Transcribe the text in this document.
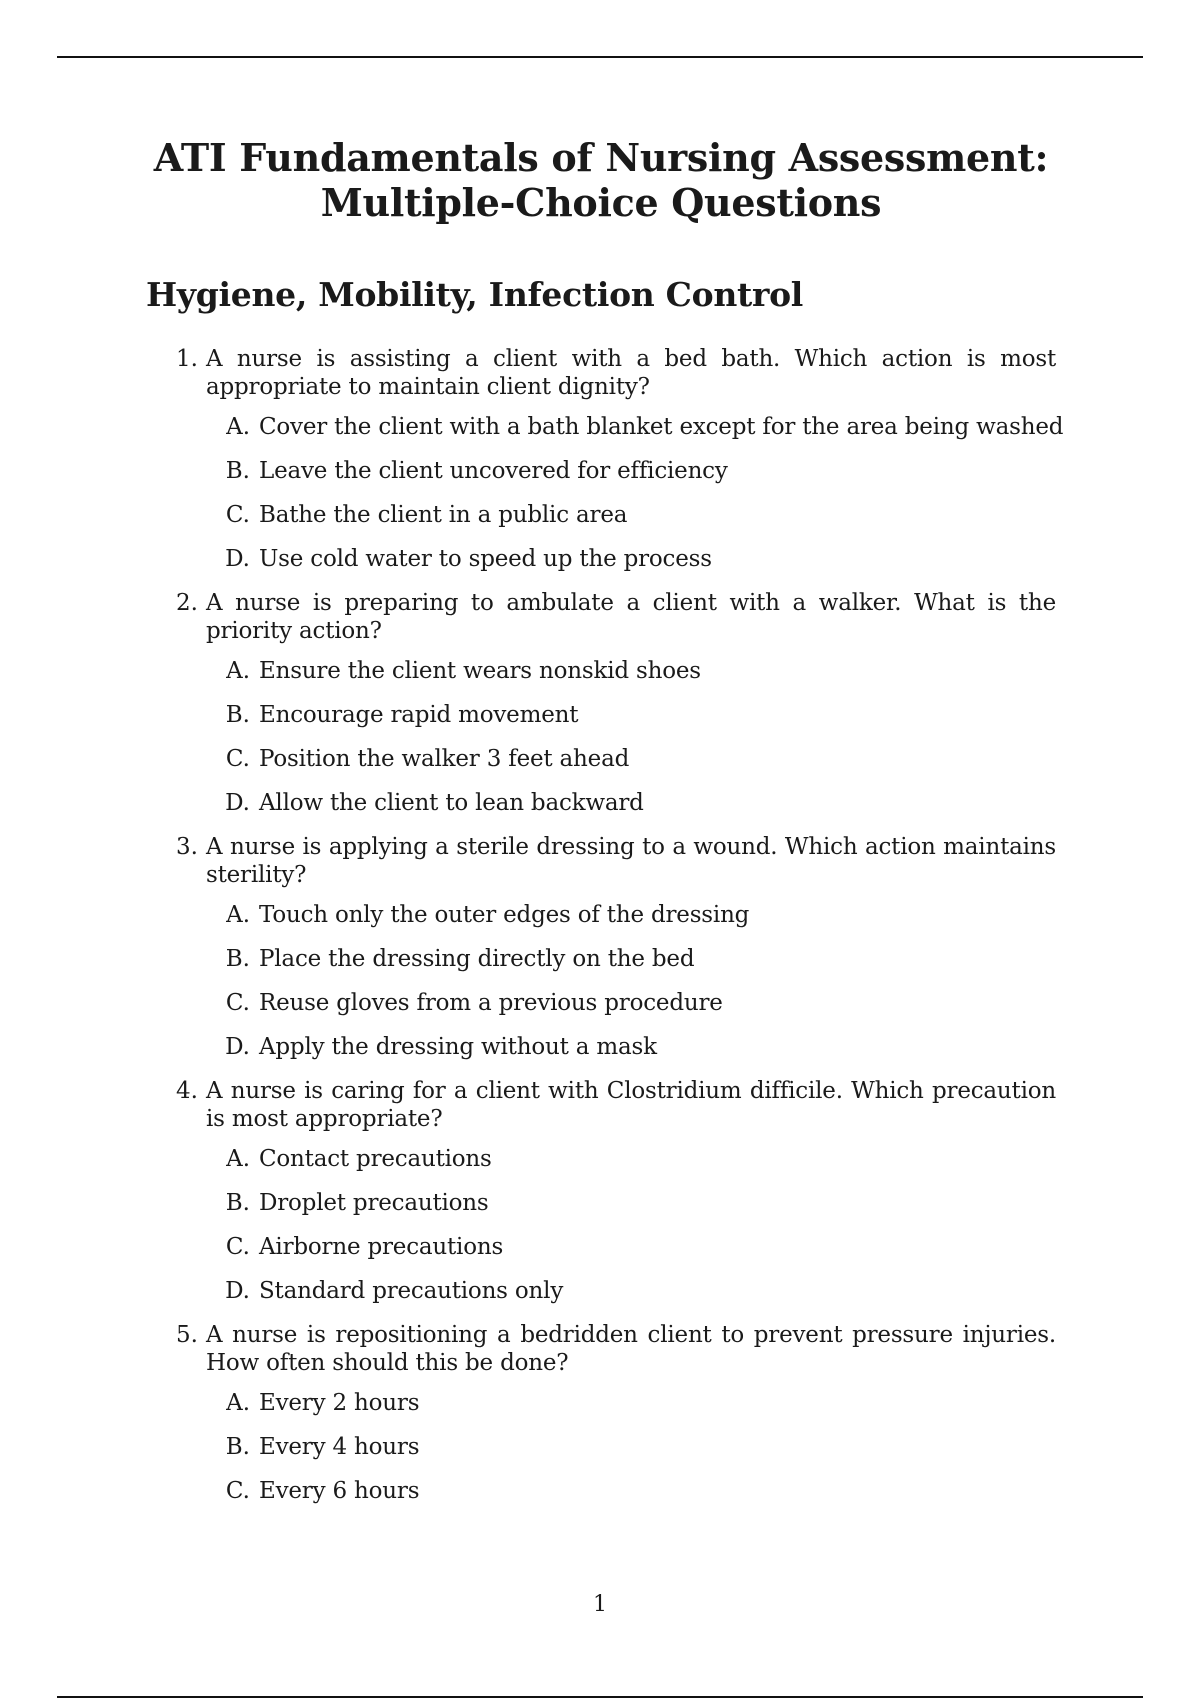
ATI Fundamentals of Nursing Assessment:
Multiple-Choice Questions
Hygiene, Mobility, Infection Control
1. A nurse is assisting a client with a bed bath. Which action is most appropriate to maintain client dignity?
A. Cover the client with a bath blanket except for the area being washed
B. Leave the client uncovered for efficiency
C. Bathe the client in a public area
D. Use cold water to speed up the process
2. A nurse is preparing to ambulate a client with a walker. What is the priority action?
A. Ensure the client wears nonskid shoes
B. Encourage rapid movement
C. Position the walker 3 feet ahead
D. Allow the client to lean backward
3. A nurse is applying a sterile dressing to a wound. Which action maintains sterility?
A. Touch only the outer edges of the dressing
B. Place the dressing directly on the bed
C. Reuse gloves from a previous procedure
D. Apply the dressing without a mask
4. A nurse is caring for a client with Clostridium difficile. Which precaution is most appropriate?
A. Contact precautions
B. Droplet precautions
C. Airborne precautions
D. Standard precautions only
5. A nurse is repositioning a bedridden client to prevent pressure injuries. How often should this be done?
A. Every 2 hours
B. Every 4 hours
C. Every 6 hours
1
